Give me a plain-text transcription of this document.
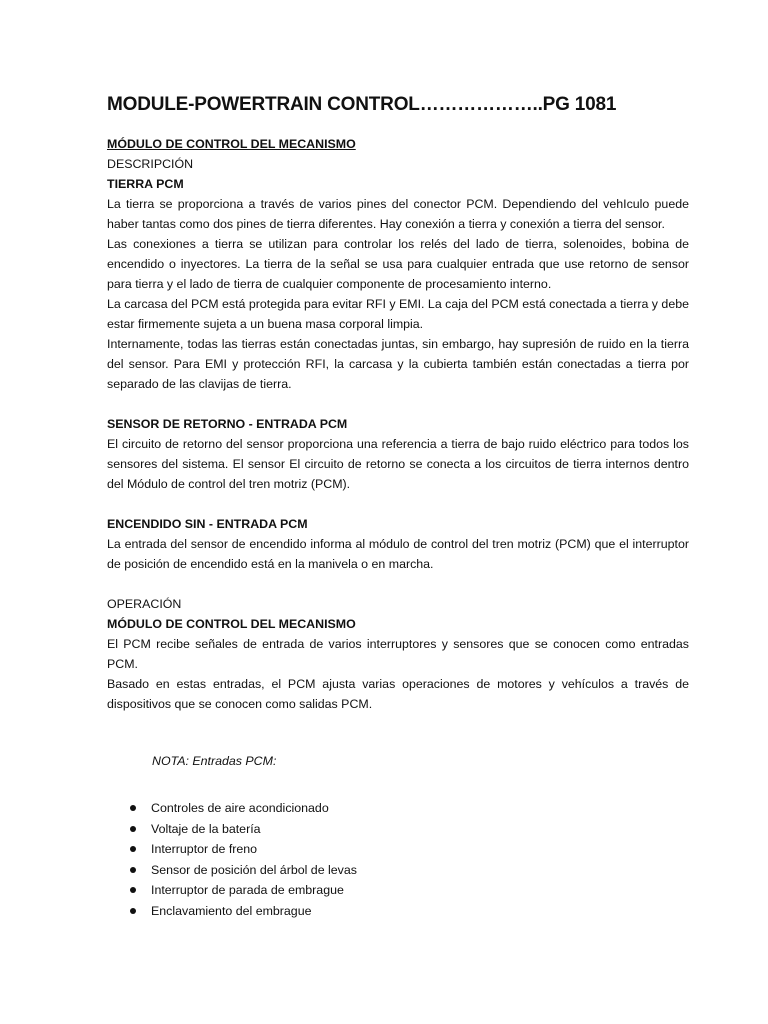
MODULE-POWERTRAIN CONTROL………………..PG 1081

MÓDULO DE CONTROL DEL MECANISMO

DESCRIPCIÓN

TIERRA PCM

La tierra se proporciona a través de varios pines del conector PCM. Dependiendo del vehIculo puede haber tantas como dos pines de tierra diferentes. Hay conexión a tierra y conexión a tierra del sensor.

Las conexiones a tierra se utilizan para controlar los relés del lado de tierra, solenoides, bobina de encendido o inyectores. La tierra de la señal se usa para cualquier entrada que use retorno de sensor para tierra y el lado de tierra de cualquier componente de procesamiento interno.

La carcasa del PCM está protegida para evitar RFI y EMI. La caja del PCM está conectada a tierra y debe estar firmemente sujeta a un buena masa corporal limpia.

Internamente, todas las tierras están conectadas juntas, sin embargo, hay supresión de ruido en la tierra del sensor. Para EMI y protección RFI, la carcasa y la cubierta también están conectadas a tierra por separado de las clavijas de tierra.

SENSOR DE RETORNO - ENTRADA PCM

El circuito de retorno del sensor proporciona una referencia a tierra de bajo ruido eléctrico para todos los sensores del sistema. El sensor El circuito de retorno se conecta a los circuitos de tierra internos dentro del Módulo de control del tren motriz (PCM).

ENCENDIDO SIN - ENTRADA PCM

La entrada del sensor de encendido informa al módulo de control del tren motriz (PCM) que el interruptor de posición de encendido está en la manivela o en marcha.

OPERACIÓN

MÓDULO DE CONTROL DEL MECANISMO

El PCM recibe señales de entrada de varios interruptores y sensores que se conocen como entradas PCM.

Basado en estas entradas, el PCM ajusta varias operaciones de motores y vehículos a través de dispositivos que se conocen como salidas PCM.

NOTA: Entradas PCM:

Controles de aire acondicionado
Voltaje de la batería
Interruptor de freno
Sensor de posición del árbol de levas
Interruptor de parada de embrague
Enclavamiento del embrague
